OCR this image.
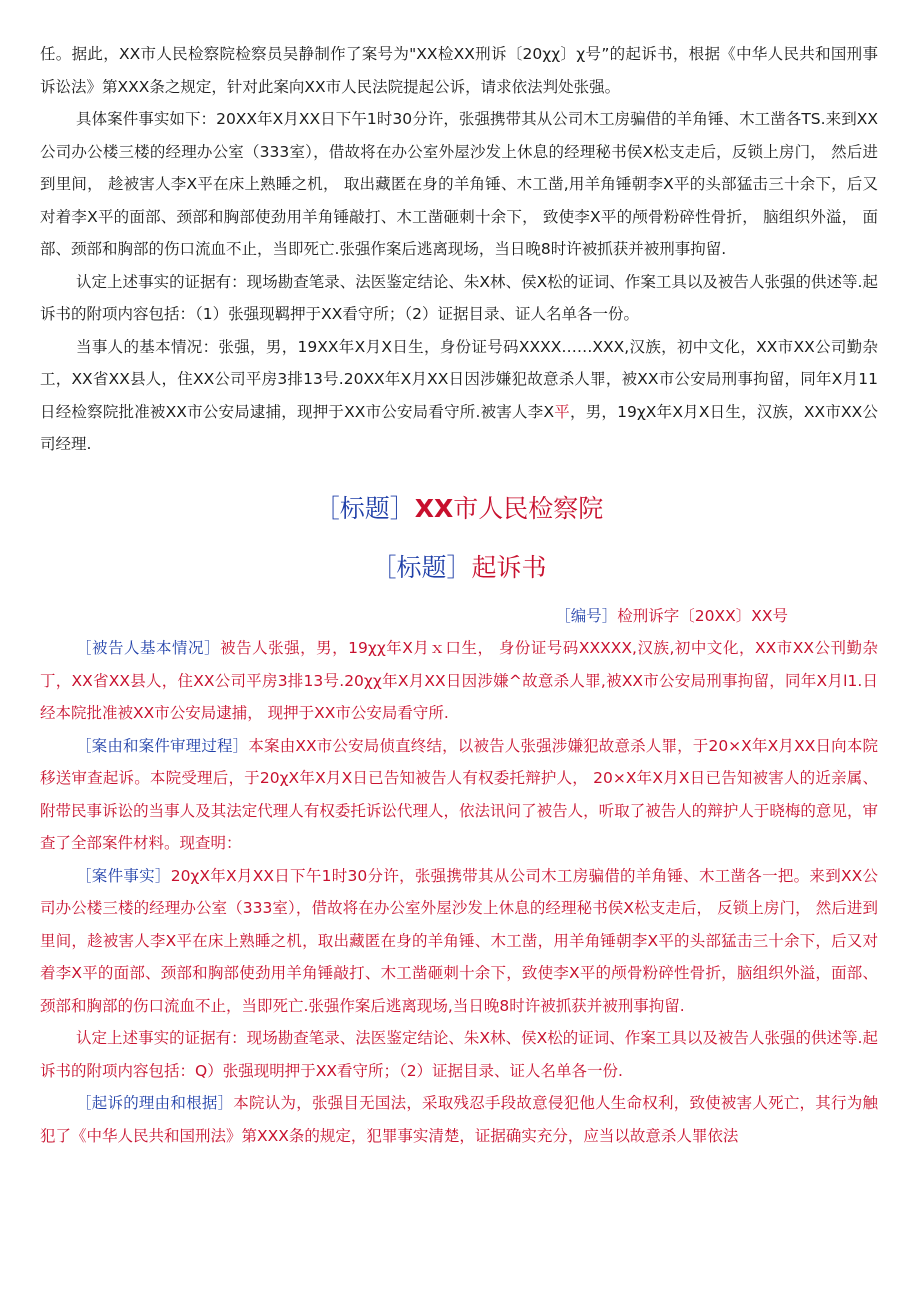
任。据此，XX市人民检察院检察员吴静制作了案号为"XX检XX刑诉〔20χχ〕χ号”的起诉书，根据《中华人民共和国刑事诉讼法》第XXX条之规定，针对此案向XX市人民法院提起公诉，请求依法判处张强。

具体案件事实如下：20XX年X月XX日下午1时30分许，张强携带其从公司木工房骗借的羊角锤、木工凿各TS.来到XX公司办公楼三楼的经理办公室（333室），借故将在办公室外屋沙发上休息的经理秘书侯X松支走后，反锁上房门， 然后进到里间， 趁被害人李X平在床上熟睡之机， 取出藏匿在身的羊角锤、木工凿,用羊角锤朝李X平的头部猛击三十余下，后又对着李X平的面部、颈部和胸部使劲用羊角锤敲打、木工凿砸刺十余下， 致使李X平的颅骨粉碎性骨折， 脑组织外溢， 面部、颈部和胸部的伤口流血不止，当即死亡.张强作案后逃离现场，当日晚8时许被抓获并被刑事拘留.

认定上述事实的证据有：现场勘查笔录、法医鉴定结论、朱X林、侯X松的证词、作案工具以及被告人张强的供述等.起诉书的附项内容包括：（1）张强现羁押于XX看守所；（2）证据目录、证人名单各一份。

当事人的基本情况：张强，男，19XX年X月X日生，身份证号码XXXX……XXX,汉族，初中文化，XX市XX公司勤杂工，XX省XX县人，住XX公司平房3排13号.20XX年X月XX日因涉嫌犯故意杀人罪，被XX市公安局刑事拘留，同年X月11日经检察院批准被XX市公安局逮捕，现押于XX市公安局看守所.被害人李X平，男，19χX年X月X日生，汉族，XX市XX公司经理.

［标题］XX市人民检察院
［标题］起诉书

［编号］检刑诉字〔20XX〕XX号

［被告人基本情况］被告人张强，男，19χχ年X月ｘ口生， 身份证号码XXXXX,汉族,初中文化，XX市XX公刊勤杂丁，XX省XX县人，住XX公司平房3排13号.20χχ年X月XX日因涉嫌^故意杀人罪,被XX市公安局刑事拘留，同年X月l1.日经本院批准被XX市公安局逮捕， 现押于XX市公安局看守所.

［案由和案件审理过程］本案由XX市公安局侦直终结，以被告人张强涉嫌犯故意杀人罪，于20×X年X月XX日向本院移送审查起诉。本院受理后，于20χX年X月X日已告知被告人有权委托辩护人， 20×X年X月X日已告知被害人的近亲属、附带民事诉讼的当事人及其法定代理人有权委托诉讼代理人，依法讯问了被告人，听取了被告人的辩护人于晓梅的意见，审查了全部案件材料。现查明：

［案件事实］20χX年X月XX日下午1时30分许，张强携带其从公司木工房骗借的羊角锤、木工凿各一把。来到XX公司办公楼三楼的经理办公室（333室），借故将在办公室外屋沙发上休息的经理秘书侯X松支走后， 反锁上房门， 然后进到里间，趁被害人李X平在床上熟睡之机，取出藏匿在身的羊角锤、木工凿，用羊角锤朝李X平的头部猛击三十余下，后又对着李X平的面部、颈部和胸部使劲用羊角锤敲打、木工凿砸刺十余下，致使李X平的颅骨粉碎性骨折，脑组织外溢，面部、颈部和胸部的伤口流血不止，当即死亡.张强作案后逃离现场,当日晚8时许被抓获并被刑事拘留.

认定上述事实的证据有：现场勘查笔录、法医鉴定结论、朱X林、侯X松的证词、作案工具以及被告人张强的供述等.起诉书的附项内容包括：Q）张强现明押于XX看守所；（2）证据目录、证人名单各一份.

［起诉的理由和根据］本院认为，张强目无国法，采取残忍手段故意侵犯他人生命权利，致使被害人死亡，其行为触犯了《中华人民共和国刑法》第XXX条的规定，犯罪事实清楚，证据确实充分，应当以故意杀人罪依法
